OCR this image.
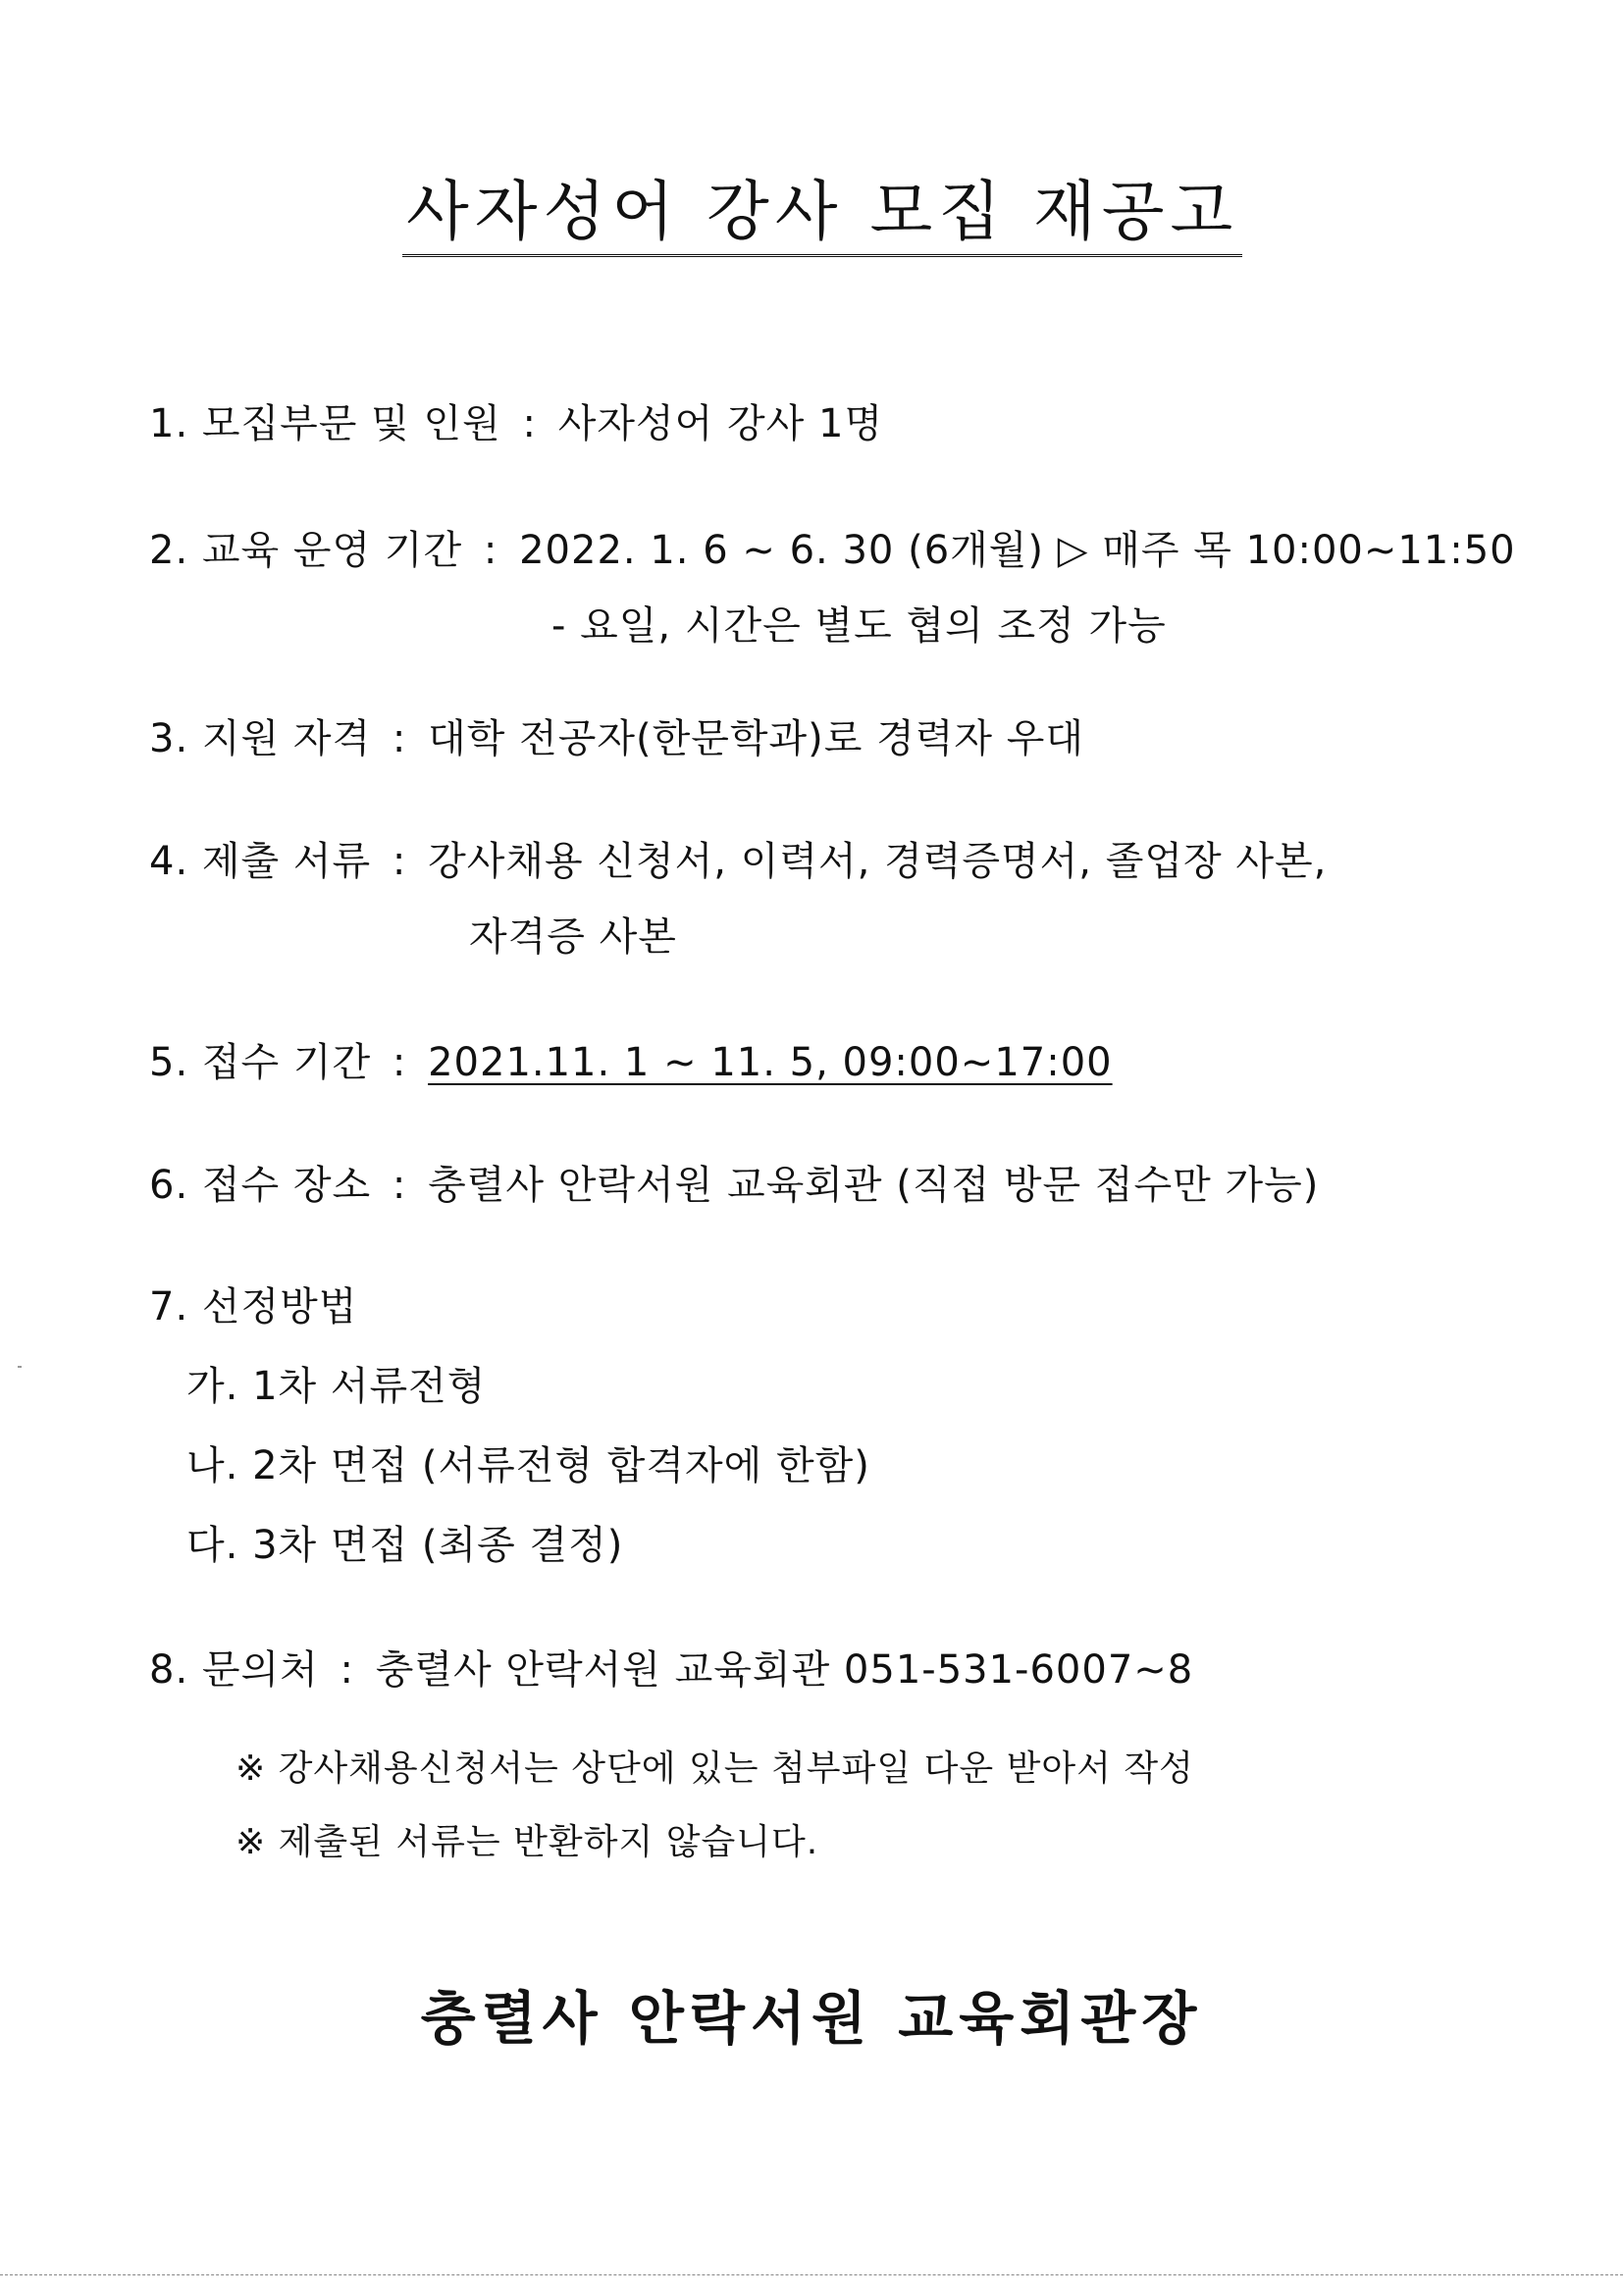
사자성어 강사 모집 재공고
1. 모집부문 및 인원 : 사자성어 강사 1명
2. 교육 운영 기간 : 2022. 1. 6 ~ 6. 30 (6개월) ▷ 매주 목 10:00~11:50
- 요일, 시간은 별도 협의 조정 가능
3. 지원 자격 : 대학 전공자(한문학과)로 경력자 우대
4. 제출 서류 : 강사채용 신청서, 이력서, 경력증명서, 졸업장 사본,
자격증 사본
5. 접수 기간 : 2021.11. 1 ~ 11. 5, 09:00~17:00
6. 접수 장소 : 충렬사 안락서원 교육회관 (직접 방문 접수만 가능)
7. 선정방법
가. 1차 서류전형
나. 2차 면접 (서류전형 합격자에 한함)
다. 3차 면접 (최종 결정)
8. 문의처 : 충렬사 안락서원 교육회관 051-531-6007~8
※ 강사채용신청서는 상단에 있는 첨부파일 다운 받아서 작성
※ 제출된 서류는 반환하지 않습니다.
충렬사 안락서원 교육회관장
